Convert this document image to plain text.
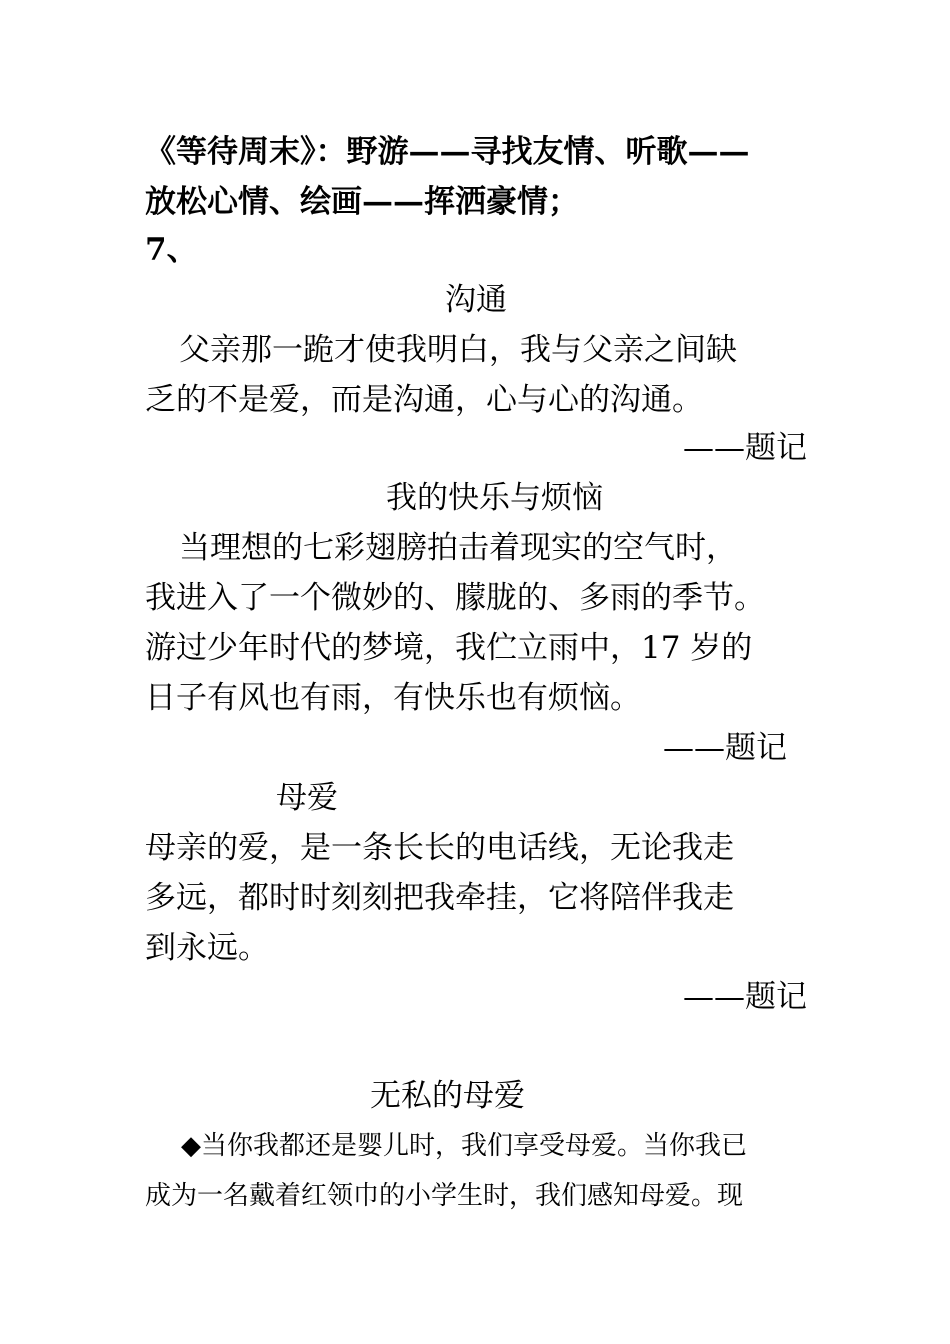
《等待周末》：野游——寻找友情、听歌——
放松心情、绘画——挥洒豪情；
7、
沟通
父亲那一跪才使我明白，我与父亲之间缺
乏的不是爱，而是沟通，心与心的沟通。
——题记
我的快乐与烦恼
当理想的七彩翅膀拍击着现实的空气时，
我进入了一个微妙的、朦胧的、多雨的季节。
游过少年时代的梦境，我伫立雨中，17 岁的
日子有风也有雨，有快乐也有烦恼。
——题记
母爱
母亲的爱，是一条长长的电话线，无论我走
多远，都时时刻刻把我牵挂，它将陪伴我走
到永远。
——题记
无私的母爱
◆当你我都还是婴儿时，我们享受母爱。当你我已
成为一名戴着红领巾的小学生时，我们感知母爱。现
